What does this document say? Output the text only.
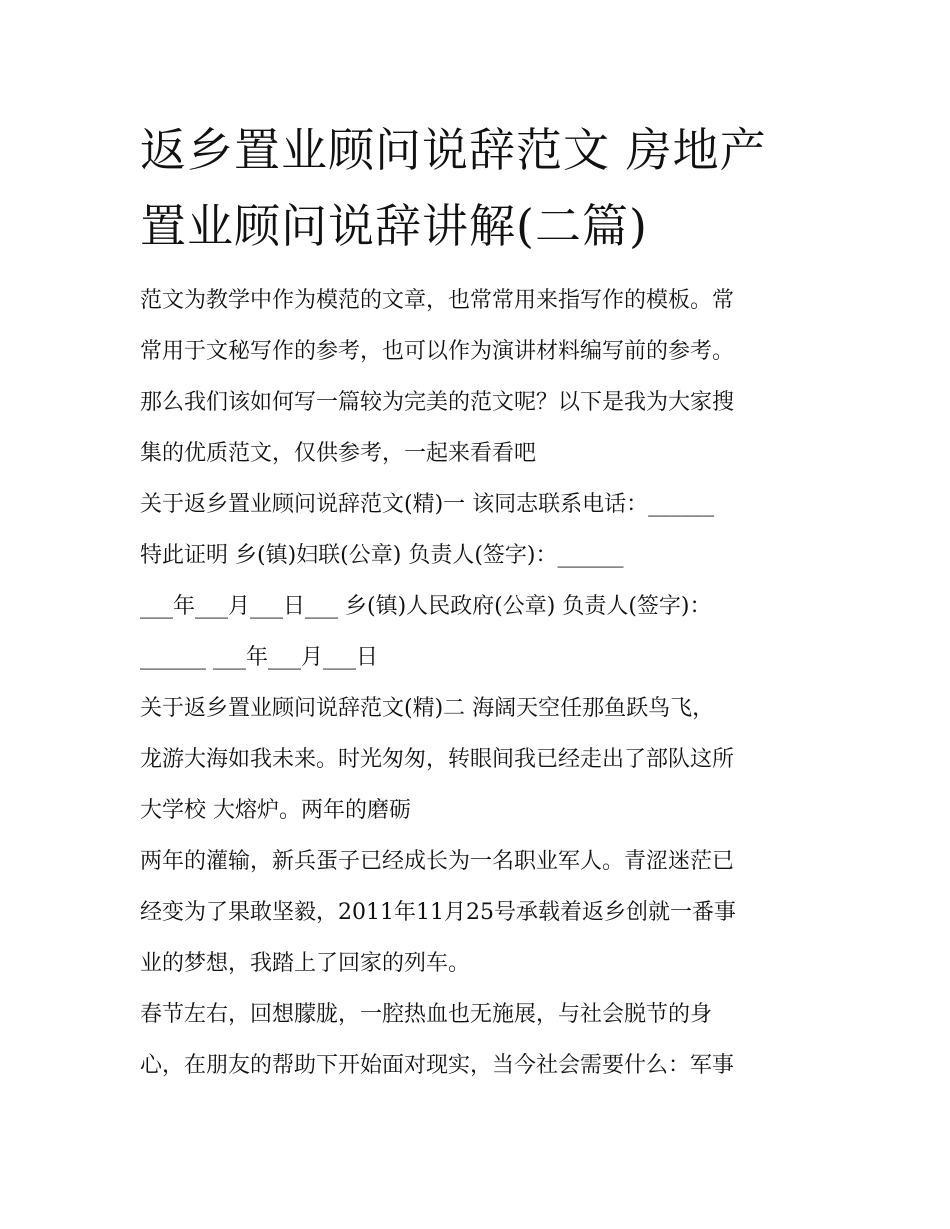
返乡置业顾问说辞范文 房地产
置业顾问说辞讲解(二篇)
范文为教学中作为模范的文章，也常常用来指写作的模板。常
常用于文秘写作的参考，也可以作为演讲材料编写前的参考。
那么我们该如何写一篇较为完美的范文呢？以下是我为大家搜
集的优质范文，仅供参考，一起来看看吧
关于返乡置业顾问说辞范文(精)一 该同志联系电话：______
特此证明 乡(镇)妇联(公章) 负责人(签字)：______
___年___月___日___ 乡(镇)人民政府(公章) 负责人(签字)：
______ ___年___月___日
关于返乡置业顾问说辞范文(精)二 海阔天空任那鱼跃鸟飞，
龙游大海如我未来。时光匆匆，转眼间我已经走出了部队这所
大学校 大熔炉。两年的磨砺
两年的灌输，新兵蛋子已经成长为一名职业军人。青涩迷茫已
经变为了果敢坚毅，2011年11月25号承载着返乡创就一番事
业的梦想，我踏上了回家的列车。
春节左右，回想朦胧，一腔热血也无施展，与社会脱节的身
心，在朋友的帮助下开始面对现实，当今社会需要什么：军事
